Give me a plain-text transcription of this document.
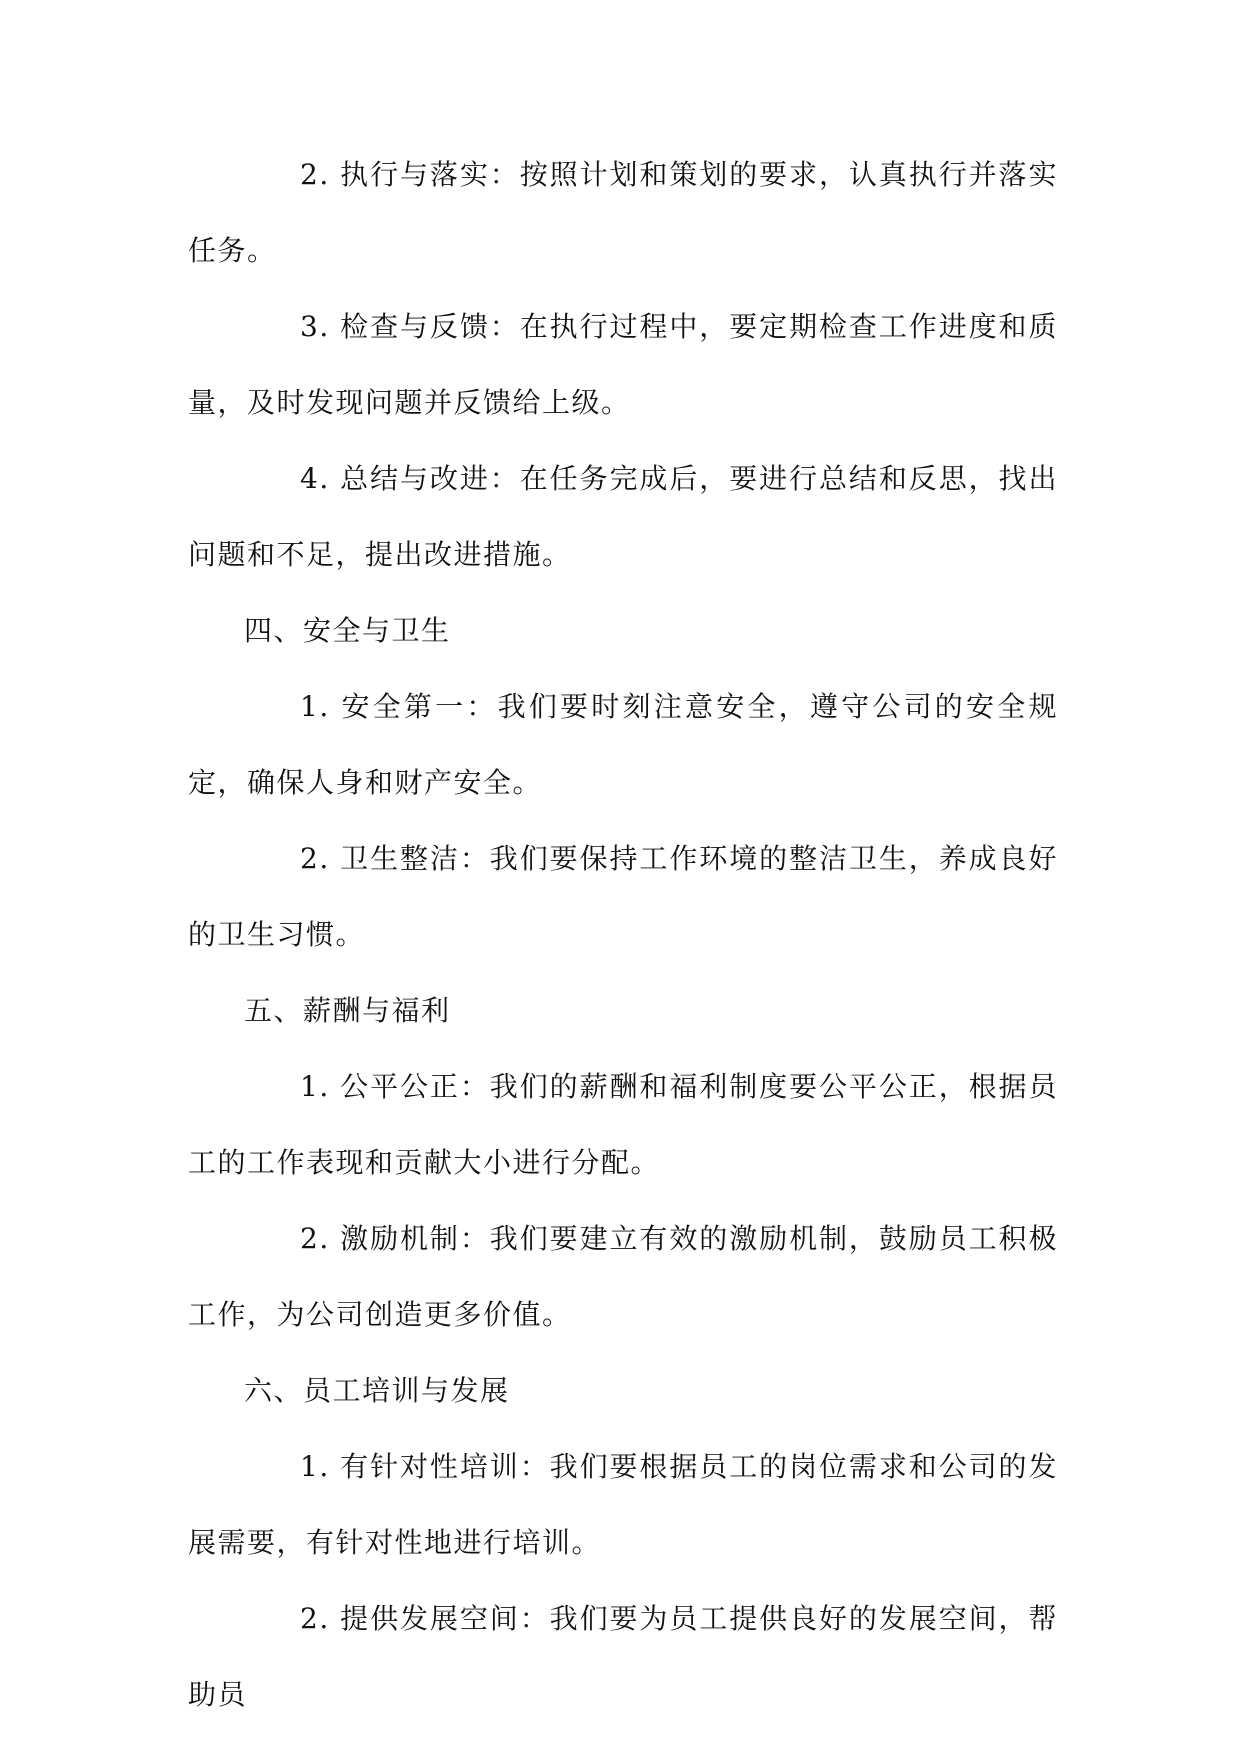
2. 执行与落实：按照计划和策划的要求，认真执行并落实任务。

3. 检查与反馈：在执行过程中，要定期检查工作进度和质量，及时发现问题并反馈给上级。

4. 总结与改进：在任务完成后，要进行总结和反思，找出问题和不足，提出改进措施。

四、安全与卫生

1. 安全第一：我们要时刻注意安全，遵守公司的安全规定，确保人身和财产安全。

2. 卫生整洁：我们要保持工作环境的整洁卫生，养成良好的卫生习惯。

五、薪酬与福利

1. 公平公正：我们的薪酬和福利制度要公平公正，根据员工的工作表现和贡献大小进行分配。

2. 激励机制：我们要建立有效的激励机制，鼓励员工积极工作，为公司创造更多价值。

六、员工培训与发展

1. 有针对性培训：我们要根据员工的岗位需求和公司的发展需要，有针对性地进行培训。

2. 提供发展空间：我们要为员工提供良好的发展空间，帮助员
